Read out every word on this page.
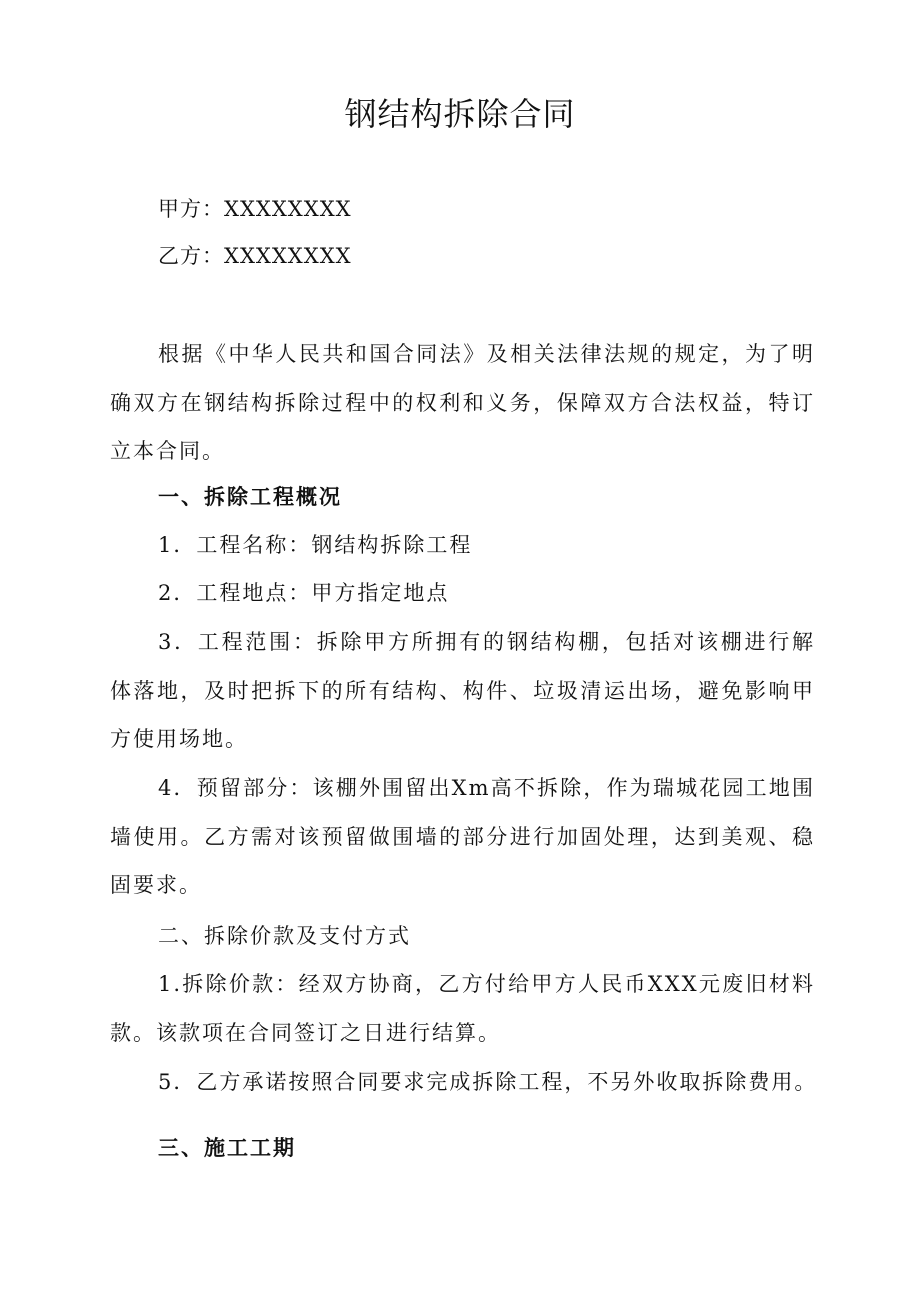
钢结构拆除合同
甲方：XXXXXXXX
乙方：XXXXXXXX
根据《中华人民共和国合同法》及相关法律法规的规定，为了明确双方在钢结构拆除过程中的权利和义务，保障双方合法权益，特订立本合同。
一、拆除工程概况
1．工程名称：钢结构拆除工程
2．工程地点：甲方指定地点
3．工程范围：拆除甲方所拥有的钢结构棚，包括对该棚进行解体落地，及时把拆下的所有结构、构件、垃圾清运出场，避免影响甲方使用场地。
4．预留部分：该棚外围留出Xm高不拆除，作为瑞城花园工地围墙使用。乙方需对该预留做围墙的部分进行加固处理，达到美观、稳固要求。
二、拆除价款及支付方式
1.拆除价款：经双方协商，乙方付给甲方人民币XXX元废旧材料款。该款项在合同签订之日进行结算。
5．乙方承诺按照合同要求完成拆除工程，不另外收取拆除费用。
三、施工工期
